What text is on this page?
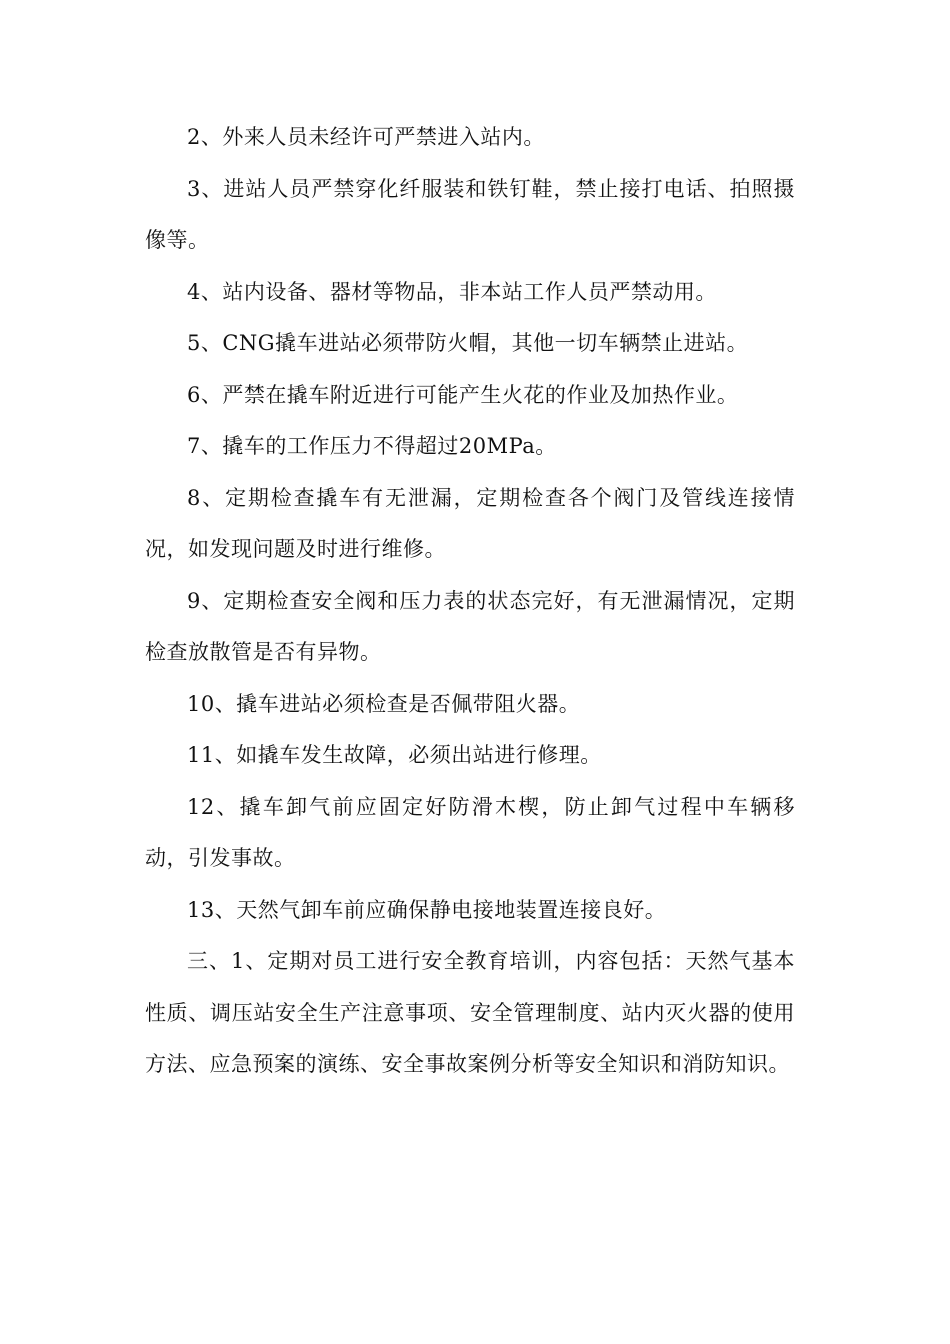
2、外来人员未经许可严禁进入站内。

3、进站人员严禁穿化纤服装和铁钉鞋，禁止接打电话、拍照摄像等。

4、站内设备、器材等物品，非本站工作人员严禁动用。

5、CNG撬车进站必须带防火帽，其他一切车辆禁止进站。

6、严禁在撬车附近进行可能产生火花的作业及加热作业。

7、撬车的工作压力不得超过20MPa。

8、定期检查撬车有无泄漏，定期检查各个阀门及管线连接情况，如发现问题及时进行维修。

9、定期检查安全阀和压力表的状态完好，有无泄漏情况，定期检查放散管是否有异物。

10、撬车进站必须检查是否佩带阻火器。

11、如撬车发生故障，必须出站进行修理。

12、撬车卸气前应固定好防滑木楔，防止卸气过程中车辆移动，引发事故。

13、天然气卸车前应确保静电接地装置连接良好。

三、1、定期对员工进行安全教育培训，内容包括：天然气基本性质、调压站安全生产注意事项、安全管理制度、站内灭火器的使用方法、应急预案的演练、安全事故案例分析等安全知识和消防知识。
